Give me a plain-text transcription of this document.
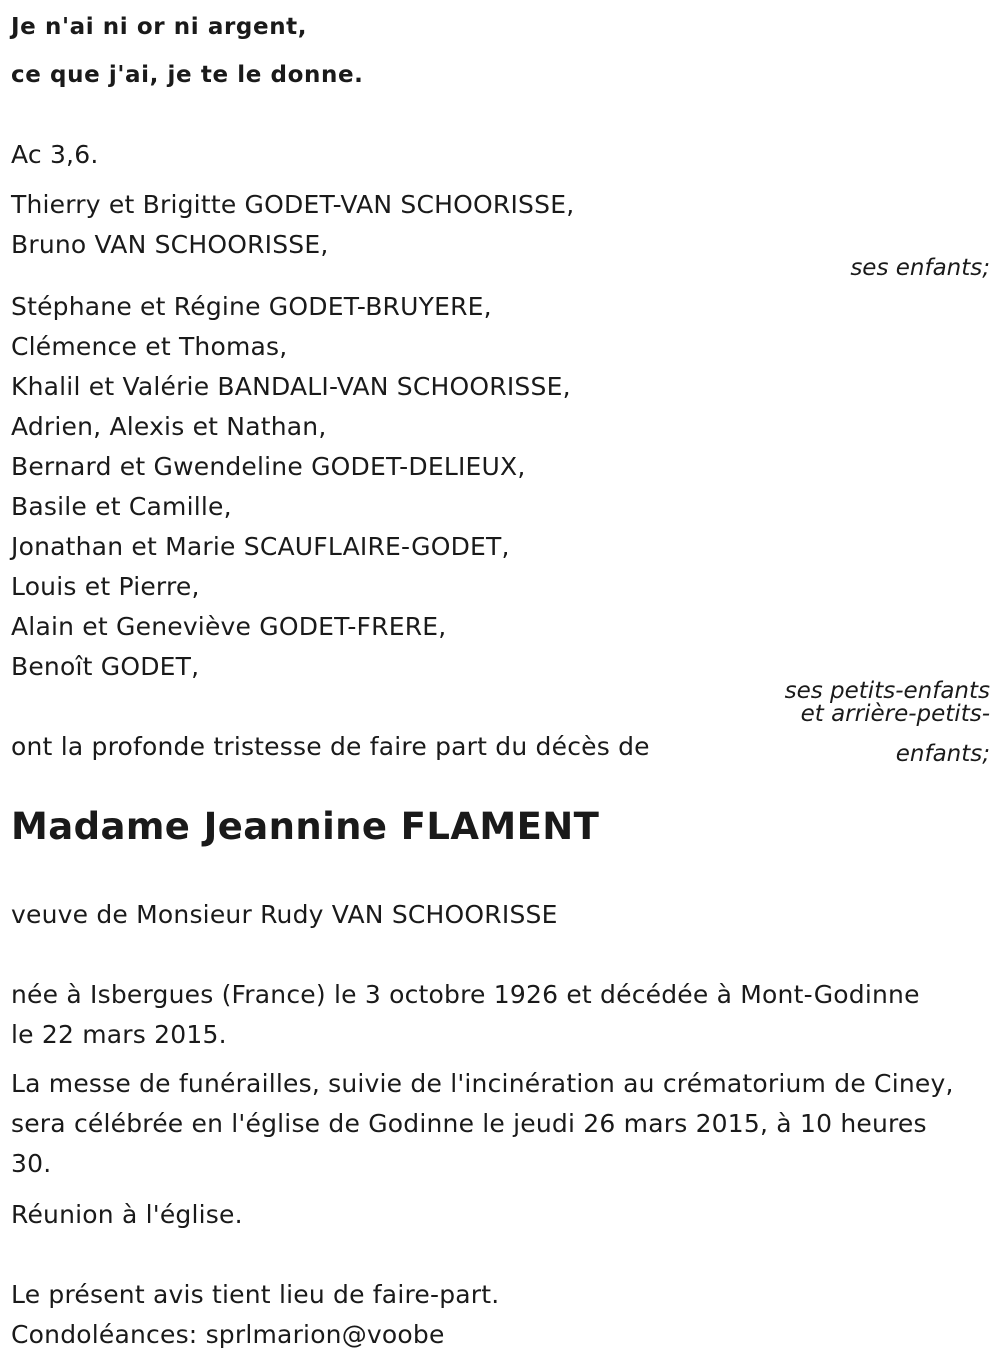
Je n'ai ni or ni argent,
ce que j'ai, je te le donne.
Ac 3,6.
Thierry et Brigitte GODET-VAN SCHOORISSE,
Bruno VAN SCHOORISSE,
ses enfants;
Stéphane et Régine GODET-BRUYERE,
Clémence et Thomas,
Khalil et Valérie BANDALI-VAN SCHOORISSE,
Adrien, Alexis et Nathan,
Bernard et Gwendeline GODET-DELIEUX,
Basile et Camille,
Jonathan et Marie SCAUFLAIRE-GODET,
Louis et Pierre,
Alain et Geneviève GODET-FRERE,
Benoît GODET,
ses petits-enfants
et arrière-petits-
enfants;
ont la profonde tristesse de faire part du décès de
Madame Jeannine FLAMENT
veuve de Monsieur Rudy VAN SCHOORISSE
née à Isbergues (France) le 3 octobre 1926 et décédée à Mont-Godinne
le 22 mars 2015.
La messe de funérailles, suivie de l'incinération au crématorium de Ciney,
sera célébrée en l'église de Godinne le jeudi 26 mars 2015, à 10 heures
30.
Réunion à l'église.
Le présent avis tient lieu de faire-part.
Condoléances: sprlmarion@voobe
